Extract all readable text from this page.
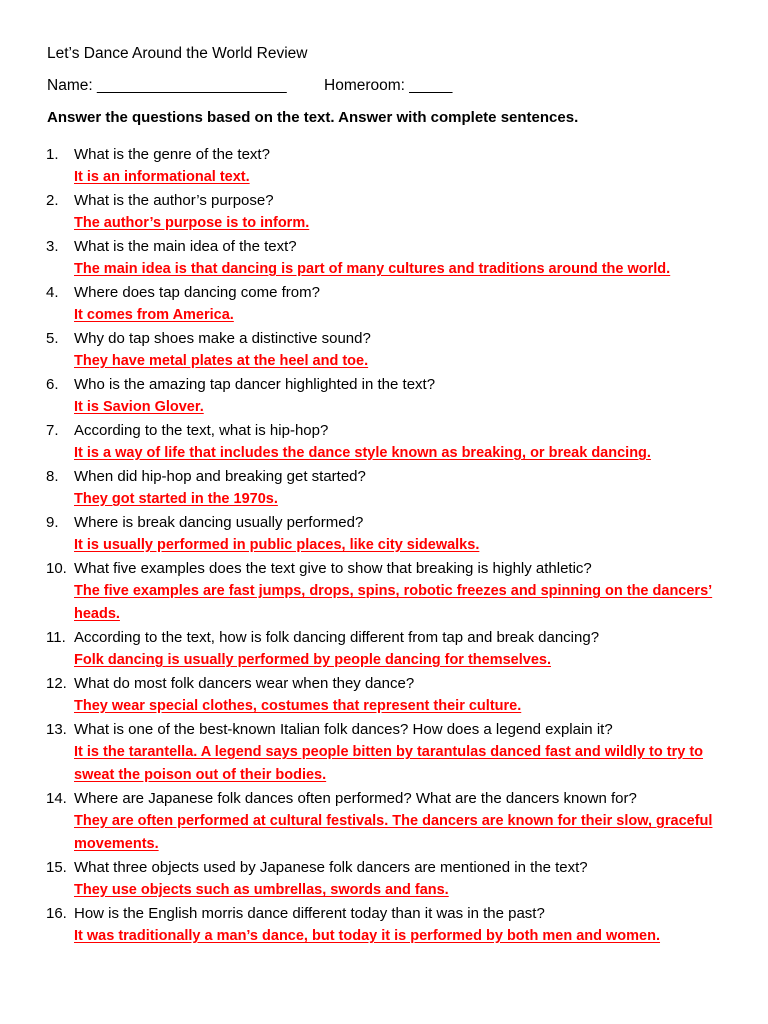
Let’s Dance Around the World Review
Name: ______________________ Homeroom: _____
Answer the questions based on the text. Answer with complete sentences.
1.	What is the genre of the text?
It is an informational text.
2.	What is the author’s purpose?
The author’s purpose is to inform.
3.	What is the main idea of the text?
The main idea is that dancing is part of many cultures and traditions around the world.
4.	Where does tap dancing come from?
It comes from America.
5.	Why do tap shoes make a distinctive sound?
They have metal plates at the heel and toe.
6.	Who is the amazing tap dancer highlighted in the text?
It is Savion Glover.
7.	According to the text, what is hip-hop?
It is a way of life that includes the dance style known as breaking, or break dancing.
8.	When did hip-hop and breaking get started?
They got started in the 1970s.
9.	Where is break dancing usually performed?
It is usually performed in public places, like city sidewalks.
10. What five examples does the text give to show that breaking is highly athletic?
The five examples are fast jumps, drops, spins, robotic freezes and spinning on the dancers’ heads.
11. According to the text, how is folk dancing different from tap and break dancing?
Folk dancing is usually performed by people dancing for themselves.
12. What do most folk dancers wear when they dance?
They wear special clothes, costumes that represent their culture.
13. What is one of the best-known Italian folk dances? How does a legend explain it?
It is the tarantella. A legend says people bitten by tarantulas danced fast and wildly to try to sweat the poison out of their bodies.
14. Where are Japanese folk dances often performed? What are the dancers known for?
They are often performed at cultural festivals. The dancers are known for their slow, graceful movements.
15. What three objects used by Japanese folk dancers are mentioned in the text?
They use objects such as umbrellas, swords and fans.
16. How is the English morris dance different today than it was in the past?
It was traditionally a man’s dance, but today it is performed by both men and women.
